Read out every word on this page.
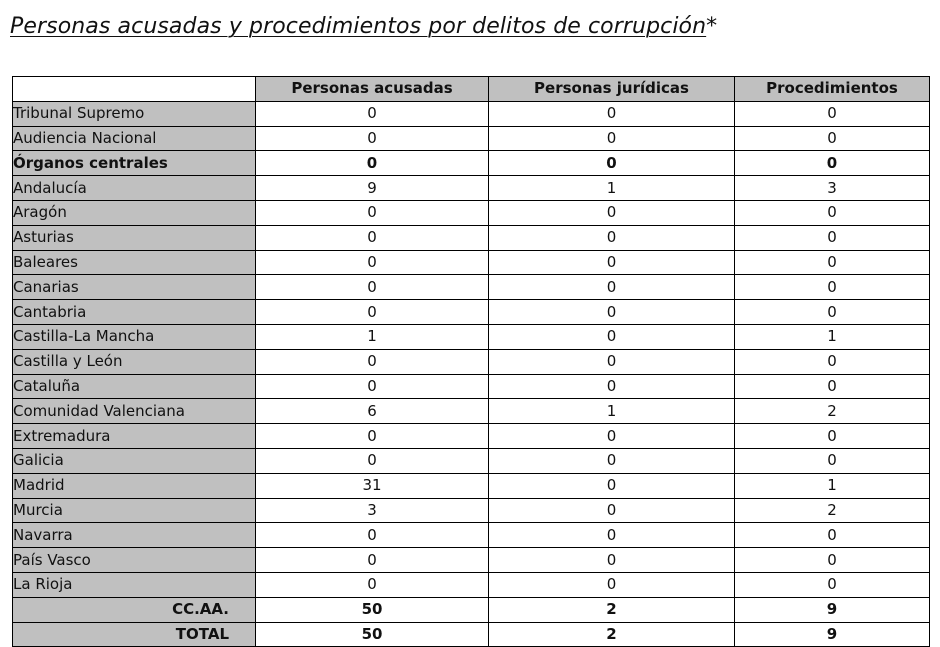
Personas acusadas y procedimientos por delitos de corrupción*
	Personas acusadas	Personas jurídicas	Procedimientos
Tribunal Supremo	0	0	0
Audiencia Nacional	0	0	0
Órganos centrales	0	0	0
Andalucía	9	1	3
Aragón	0	0	0
Asturias	0	0	0
Baleares	0	0	0
Canarias	0	0	0
Cantabria	0	0	0
Castilla-La Mancha	1	0	1
Castilla y León	0	0	0
Cataluña	0	0	0
Comunidad Valenciana	6	1	2
Extremadura	0	0	0
Galicia	0	0	0
Madrid	31	0	1
Murcia	3	0	2
Navarra	0	0	0
País Vasco	0	0	0
La Rioja	0	0	0
CC.AA.	50	2	9
TOTAL	50	2	9
